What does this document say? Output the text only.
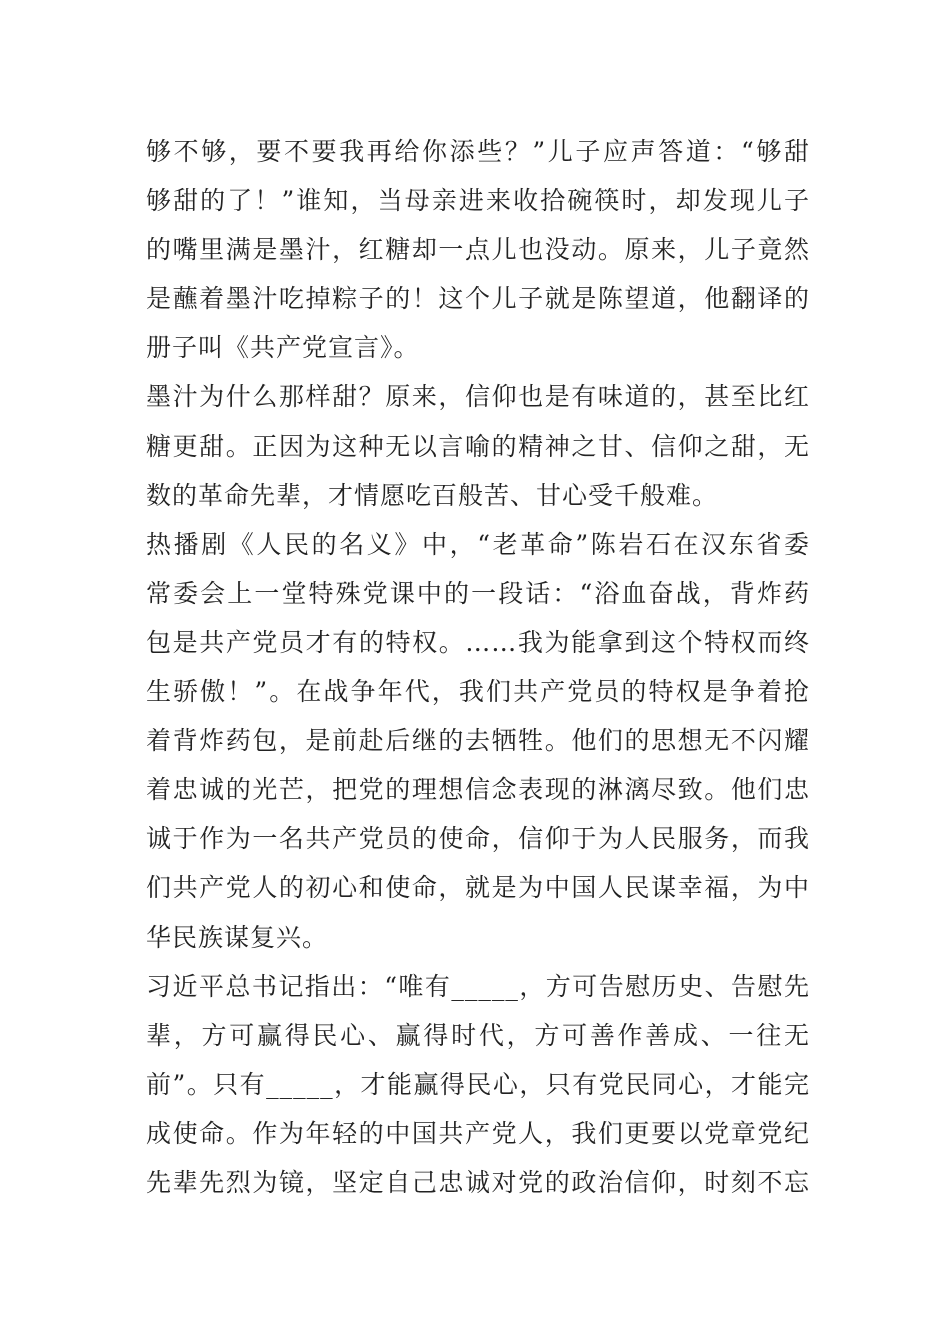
够不够，要不要我再给你添些？”儿子应声答道：“够甜
够甜的了！”谁知，当母亲进来收拾碗筷时，却发现儿子
的嘴里满是墨汁，红糖却一点儿也没动。原来，儿子竟然
是蘸着墨汁吃掉粽子的！这个儿子就是陈望道，他翻译的
册子叫《共产党宣言》。
墨汁为什么那样甜？原来，信仰也是有味道的，甚至比红
糖更甜。正因为这种无以言喻的精神之甘、信仰之甜，无
数的革命先辈，才情愿吃百般苦、甘心受千般难。
热播剧《人民的名义》中，“老革命”陈岩石在汉东省委
常委会上一堂特殊党课中的一段话：“浴血奋战，背炸药
包是共产党员才有的特权。……我为能拿到这个特权而终
生骄傲！”。在战争年代，我们共产党员的特权是争着抢
着背炸药包，是前赴后继的去牺牲。他们的思想无不闪耀
着忠诚的光芒，把党的理想信念表现的淋漓尽致。他们忠
诚于作为一名共产党员的使命，信仰于为人民服务，而我
们共产党人的初心和使命，就是为中国人民谋幸福，为中
华民族谋复兴。
习近平总书记指出：“唯有_____，方可告慰历史、告慰先
辈，方可赢得民心、赢得时代，方可善作善成、一往无
前”。只有_____，才能赢得民心，只有党民同心，才能完
成使命。作为年轻的中国共产党人，我们更要以党章党纪
先辈先烈为镜，坚定自己忠诚对党的政治信仰，时刻不忘
